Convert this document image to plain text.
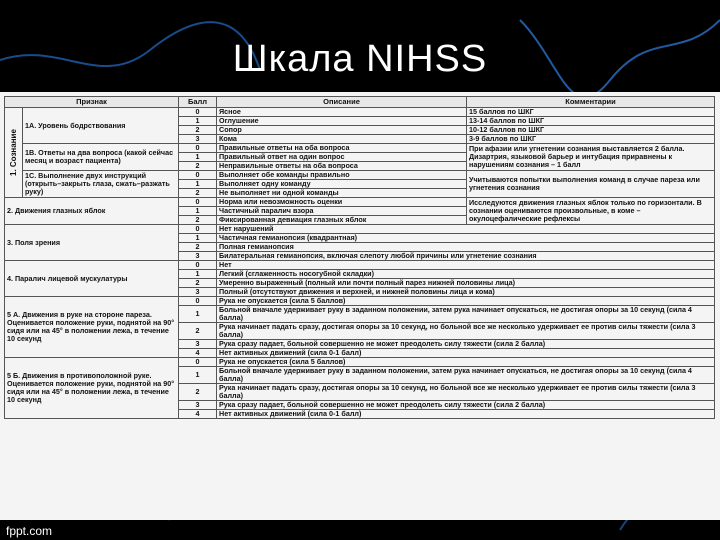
Шкала NIHSS
Признак		Балл	Описание	Комментарии
1. Сознание	1А. Уровень бодрствования	0	Ясное	15 баллов по ШКГ
		1	Оглушение	13-14 баллов по ШКГ
		2	Сопор	10-12 баллов по ШКГ
		3	Кома	3-9 баллов по ШКГ
	1В. Ответы на два вопроса (какой сейчас месяц и возраст пациента)	0	Правильные ответы на оба вопроса	При афазии или угнетении сознания выставляется 2 балла. Дизартрия, языковой барьер и интубация приравнены к нарушениям сознания – 1 балл
		1	Правильный ответ на один вопрос	
		2	Неправильные ответы на оба вопроса	
	1С. Выполнение двух инструкций (открыть–закрыть глаза, сжать–разжать руку)	0	Выполняет обе команды правильно	Учитываются попытки выполнения команд в случае пареза или угнетения сознания
		1	Выполняет одну команду	
		2	Не выполняет ни одной команды	
2. Движения глазных яблок		0	Норма или невозможность оценки	Исследуются движения глазных яблок только по горизонтали. В сознании оцениваются произвольные, в коме – окулоцефалические рефлексы
		1	Частичный паралич взора	
		2	Фиксированная девиация глазных яблок	
3. Поля зрения		0	Нет нарушений	
		1	Частичная гемианопсия (квадрантная)	
		2	Полная гемианопсия	
		3	Билатеральная гемианопсия, включая слепоту любой причины или угнетение сознания	
4. Паралич лицевой мускулатуры		0	Нет	
		1	Легкий (сглаженность носогубной складки)	
		2	Умеренно выраженный (полный или почти полный парез нижней половины лица)	
		3	Полный (отсутствуют движения и верхней, и нижней половины лица и кома)	
5 А. Движения в руке на стороне пареза. Оценивается положение руки, поднятой на 90° сидя или на 45° в положении лежа, в течение 10 секунд		0	Рука не опускается (сила 5 баллов)	
		1	Больной вначале удерживает руку в заданном положении, затем рука начинает опускаться, не достигая опоры за 10 секунд (сила 4 балла)	
		2	Рука начинает падать сразу, достигая опоры за 10 секунд, но больной все же несколько удерживает ее против силы тяжести (сила 3 балла)	
		3	Рука сразу падает, больной совершенно не может преодолеть силу тяжести (сила 2 балла)	
		4	Нет активных движений (сила 0-1 балл)	
5 Б. Движения в противоположной руке. Оценивается положение руки, поднятой на 90° сидя или на 45° в положении лежа, в течение 10 секунд		0	Рука не опускается (сила 5 баллов)	
		1	Больной вначале удерживает руку в заданном положении, затем рука начинает опускаться, не достигая опоры за 10 секунд (сила 4 балла)	
		2	Рука начинает падать сразу, достигая опоры за 10 секунд, но больной все же несколько удерживает ее против силы тяжести (сила 3 балла)	
		3	Рука сразу падает, больной совершенно не может преодолеть силу тяжести (сила 2 балла)	
		4	Нет активных движений (сила 0-1 балл)	
fppt.com
